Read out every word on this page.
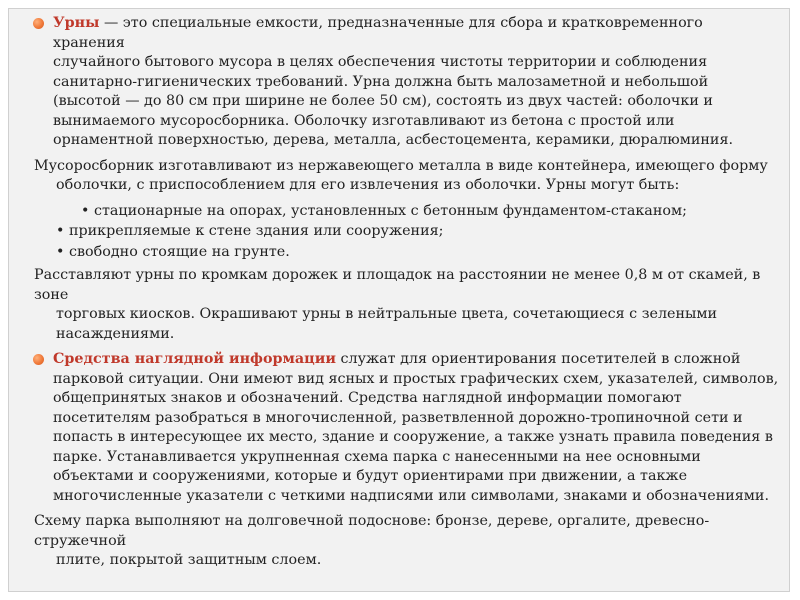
Урны — это специальные емкости, предназначенные для сбора и кратковременного хранения
случайного бытового мусора в целях обеспечения чистоты территории и соблюдения санитарно-гигиенических требований. Урна должна быть малозаметной и небольшой (высотой — до 80 см при ширине не более 50 см), состоять из двух частей: оболочки и вынимаемого мусоросборника. Оболочку изготавливают из бетона с простой или орнаментной поверхностью, дерева, металла, асбестоцемента, керамики, дюралюминия.

Мусоросборник изготавливают из нержавеющего металла в виде контейнера, имеющего форму
оболочки, с приспособлением для его извлечения из оболочки. Урны могут быть:

• стационарные на опорах, установленных с бетонным фундаментом-стаканом;
• прикрепляемые к стене здания или сооружения;
• свободно стоящие на грунте.

Расставляют урны по кромкам дорожек и площадок на расстоянии не менее 0,8 м от скамей, в зоне
торговых киосков. Окрашивают урны в нейтральные цвета, сочетающиеся с зелеными насаждениями.

Средства наглядной информации служат для ориентирования посетителей в сложной
парковой ситуации. Они имеют вид ясных и простых графических схем, указателей, символов, общепринятых знаков и обозначений. Средства наглядной информации помогают посетителям разобраться в многочисленной, разветвленной дорожно-тропиночной сети и попасть в интересующее их место, здание и сооружение, а также узнать правила поведения в парке. Устанавливается укрупненная схема парка с нанесенными на нее основными объектами и сооружениями, которые и будут ориентирами при движении, а также многочисленные указатели с четкими надписями или символами, знаками и обозначениями.

Схему парка выполняют на долговечной подоснове: бронзе, дереве, оргалите, древесно-стружечной
плите, покрытой защитным слоем.
